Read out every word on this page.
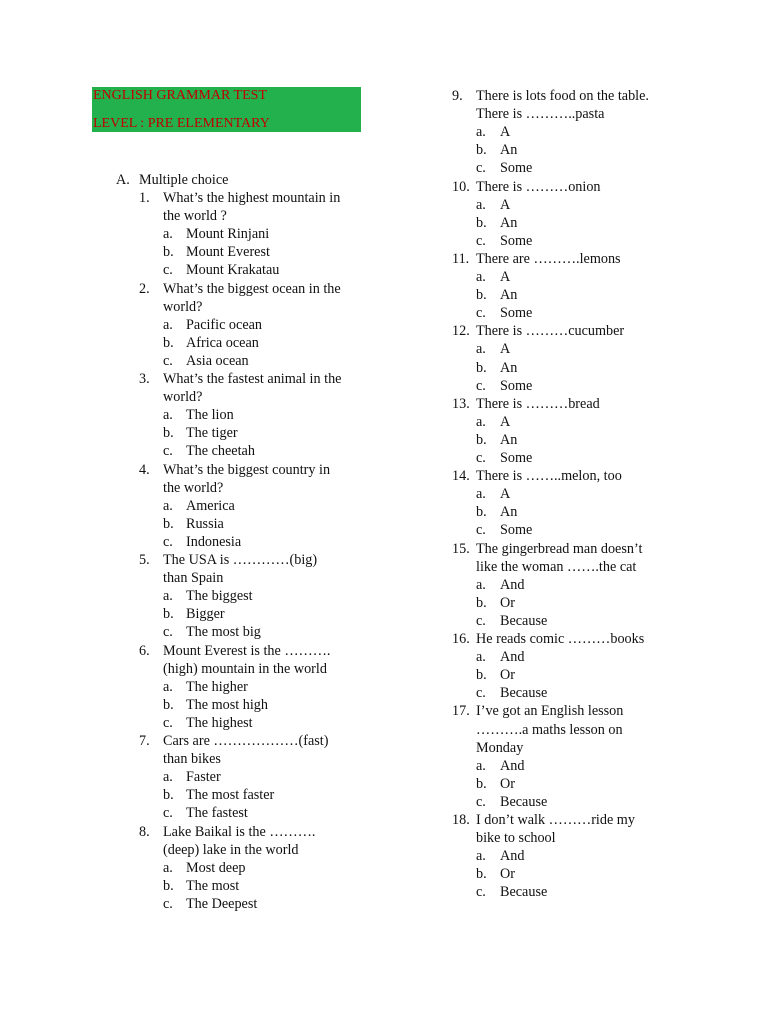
ENGLISH GRAMMAR TEST
LEVEL : PRE ELEMENTARY
A. Multiple choice
1. What’s the highest mountain in
the world ?
a. Mount Rinjani
b. Mount Everest
c. Mount Krakatau
2. What’s the biggest ocean in the
world?
a. Pacific ocean
b. Africa ocean
c. Asia ocean
3. What’s the fastest animal in the
world?
a. The lion
b. The tiger
c. The cheetah
4. What’s the biggest country in
the world?
a. America
b. Russia
c. Indonesia
5. The USA is …………(big)
than Spain
a. The biggest
b. Bigger
c. The most big
6. Mount Everest is the ……….
(high) mountain in the world
a. The higher
b. The most high
c. The highest
7. Cars are ………………(fast)
than bikes
a. Faster
b. The most faster
c. The fastest
8. Lake Baikal is the ……….
(deep) lake in the world
a. Most deep
b. The most
c. The Deepest
9. There is lots food on the table.
There is ………..pasta
a. A
b. An
c. Some
10. There is ………onion
a. A
b. An
c. Some
11. There are ……….lemons
a. A
b. An
c. Some
12. There is ………cucumber
a. A
b. An
c. Some
13. There is ………bread
a. A
b. An
c. Some
14. There is ……..melon, too
a. A
b. An
c. Some
15. The gingerbread man doesn’t
like the woman …….the cat
a. And
b. Or
c. Because
16. He reads comic ………books
a. And
b. Or
c. Because
17. I’ve got an English lesson
……….a maths lesson on
Monday
a. And
b. Or
c. Because
18. I don’t walk ………ride my
bike to school
a. And
b. Or
c. Because
